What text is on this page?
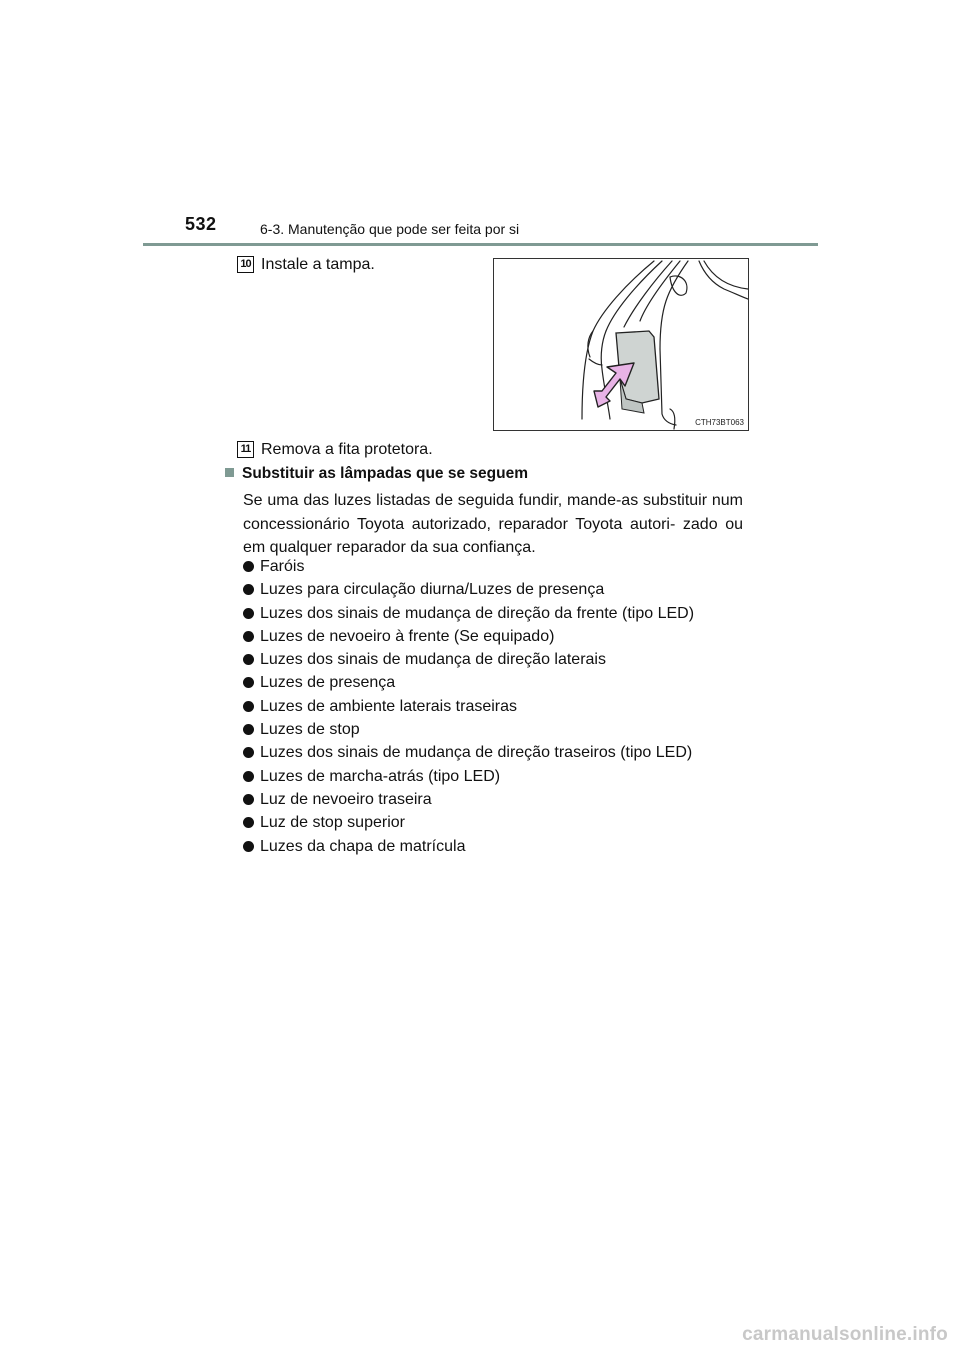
532	6-3. Manutenção que pode ser feita por si
10 Instale a tampa.
CTH73BT063
11 Remova a fita protetora.
Substituir as lâmpadas que se seguem
Se uma das luzes listadas de seguida fundir, mande-as substituir num concessionário Toyota autorizado, reparador Toyota autori- zado ou em qualquer reparador da sua confiança.
Faróis
Luzes para circulação diurna/Luzes de presença
Luzes dos sinais de mudança de direção da frente (tipo LED)
Luzes de nevoeiro à frente (Se equipado)
Luzes dos sinais de mudança de direção laterais
Luzes de presença
Luzes de ambiente laterais traseiras
Luzes de stop
Luzes dos sinais de mudança de direção traseiros (tipo LED)
Luzes de marcha-atrás (tipo LED)
Luz de nevoeiro traseira
Luz de stop superior
Luzes da chapa de matrícula
carmanualsonline.info
